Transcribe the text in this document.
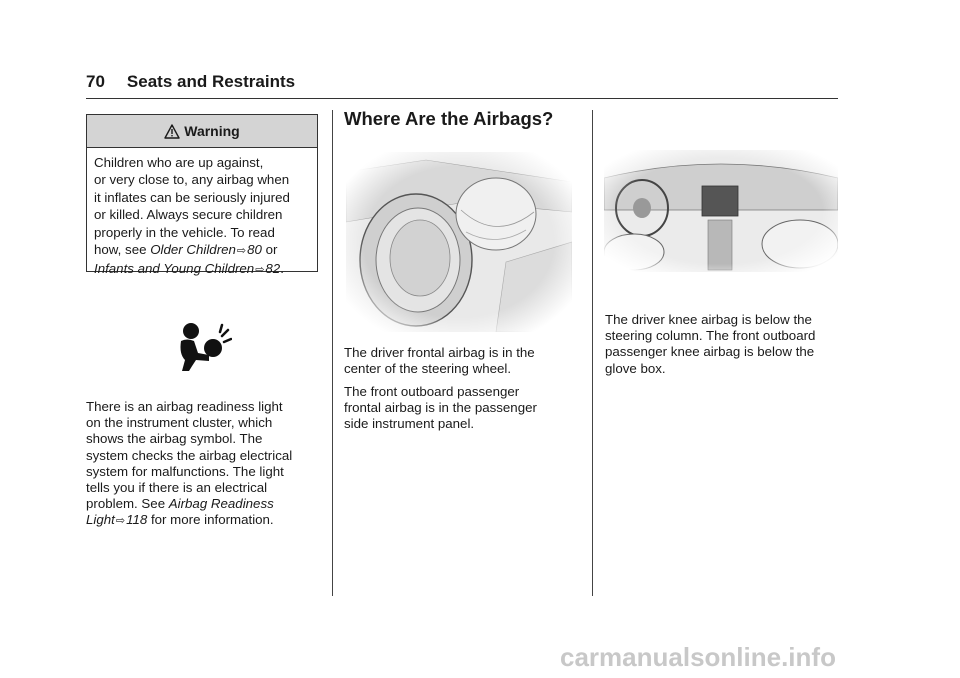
70 Seats and Restraints
Warning
Children who are up against,
or very close to, any airbag when
it inflates can be seriously injured
or killed. Always secure children
properly in the vehicle. To read
how, see Older Children⇨80 or
Infants and Young Children⇨82.
There is an airbag readiness light
on the instrument cluster, which
shows the airbag symbol. The
system checks the airbag electrical
system for malfunctions. The light
tells you if there is an electrical
problem. See Airbag Readiness
Light⇨118 for more information.
Where Are the Airbags?
The driver frontal airbag is in the
center of the steering wheel.
The front outboard passenger
frontal airbag is in the passenger
side instrument panel.
The driver knee airbag is below the
steering column. The front outboard
passenger knee airbag is below the
glove box.
carmanualsonline.info
